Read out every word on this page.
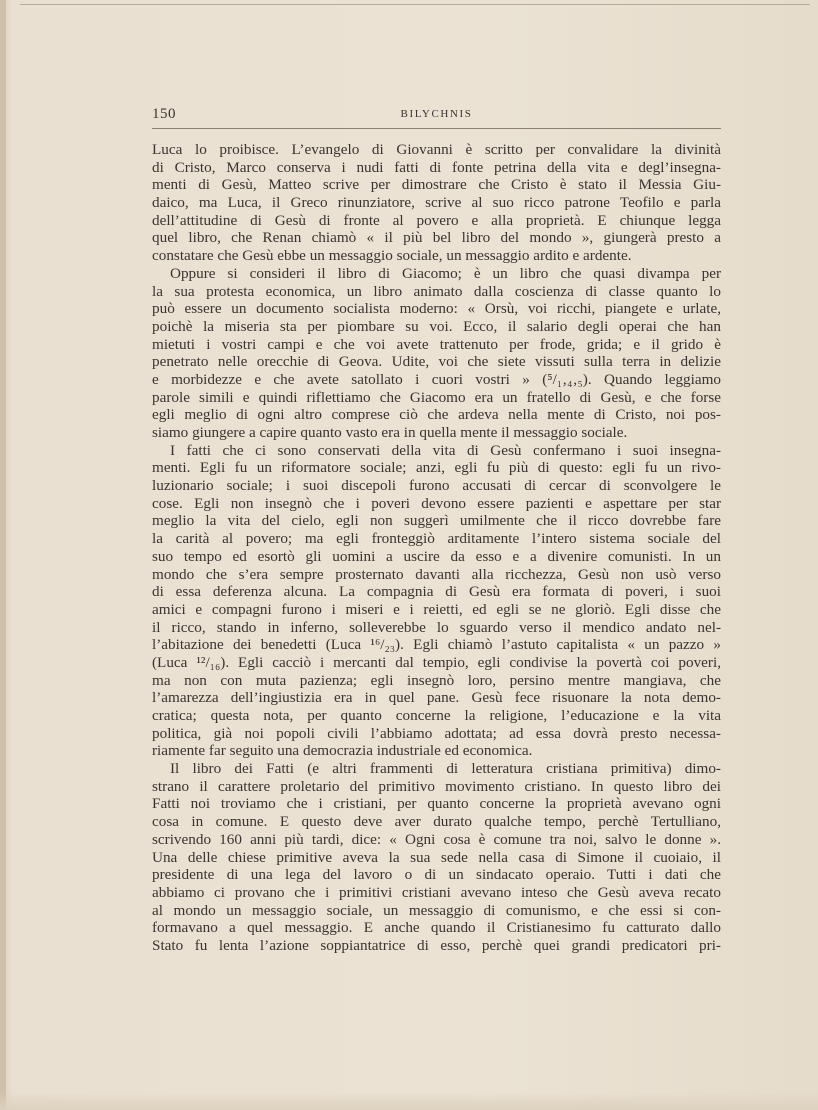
150	BILYCHNIS
Luca lo proibisce. L’evangelo di Giovanni è scritto per convalidare la divinità
di Cristo, Marco conserva i nudi fatti di fonte petrina della vita e degl’insegna-
menti di Gesù, Matteo scrive per dimostrare che Cristo è stato il Messia Giu-
daico, ma Luca, il Greco rinunziatore, scrive al suo ricco patrone Teofilo e parla
dell’attitudine di Gesù di fronte al povero e alla proprietà. E chiunque legga
quel libro, che Renan chiamò « il più bel libro del mondo », giungerà presto a
constatare che Gesù ebbe un messaggio sociale, un messaggio ardito e ardente.
Oppure si consideri il libro di Giacomo; è un libro che quasi divampa per
la sua protesta economica, un libro animato dalla coscienza di classe quanto lo
può essere un documento socialista moderno: « Orsù, voi ricchi, piangete e urlate,
poichè la miseria sta per piombare su voi. Ecco, il salario degli operai che han
mietuti i vostri campi e che voi avete trattenuto per frode, grida; e il grido è
penetrato nelle orecchie di Geova. Udite, voi che siete vissuti sulla terra in delizie
e morbidezze e che avete satollato i cuori vostri » (⁵/₁‚₄‚₅). Quando leggiamo
parole simili e quindi riflettiamo che Giacomo era un fratello di Gesù, e che forse
egli meglio di ogni altro comprese ciò che ardeva nella mente di Cristo, noi pos-
siamo giungere a capire quanto vasto era in quella mente il messaggio sociale.
I fatti che ci sono conservati della vita di Gesù confermano i suoi insegna-
menti. Egli fu un riformatore sociale; anzi, egli fu più di questo: egli fu un rivo-
luzionario sociale; i suoi discepoli furono accusati di cercar di sconvolgere le
cose. Egli non insegnò che i poveri devono essere pazienti e aspettare per star
meglio la vita del cielo, egli non suggerì umilmente che il ricco dovrebbe fare
la carità al povero; ma egli fronteggiò arditamente l’intero sistema sociale del
suo tempo ed esortò gli uomini a uscire da esso e a divenire comunisti. In un
mondo che s’era sempre prosternato davanti alla ricchezza, Gesù non usò verso
di essa deferenza alcuna. La compagnia di Gesù era formata di poveri, i suoi
amici e compagni furono i miseri e i reietti, ed egli se ne gloriò. Egli disse che
il ricco, stando in inferno, solleverebbe lo sguardo verso il mendico andato nel-
l’abitazione dei benedetti (Luca ¹⁶/₂₃). Egli chiamò l’astuto capitalista « un pazzo »
(Luca ¹²/₁₆). Egli cacciò i mercanti dal tempio, egli condivise la povertà coi poveri,
ma non con muta pazienza; egli insegnò loro, persino mentre mangiava, che
l’amarezza dell’ingiustizia era in quel pane. Gesù fece risuonare la nota demo-
cratica; questa nota, per quanto concerne la religione, l’educazione e la vita
politica, già noi popoli civili l’abbiamo adottata; ad essa dovrà presto necessa-
riamente far seguito una democrazia industriale ed economica.
Il libro dei Fatti (e altri frammenti di letteratura cristiana primitiva) dimo-
strano il carattere proletario del primitivo movimento cristiano. In questo libro dei
Fatti noi troviamo che i cristiani, per quanto concerne la proprietà avevano ogni
cosa in comune. E questo deve aver durato qualche tempo, perchè Tertulliano,
scrivendo 160 anni più tardi, dice: « Ogni cosa è comune tra noi, salvo le donne ».
Una delle chiese primitive aveva la sua sede nella casa di Simone il cuoiaio, il
presidente di una lega del lavoro o di un sindacato operaio. Tutti i dati che
abbiamo ci provano che i primitivi cristiani avevano inteso che Gesù aveva recato
al mondo un messaggio sociale, un messaggio di comunismo, e che essi si con-
formavano a quel messaggio. E anche quando il Cristianesimo fu catturato dallo
Stato fu lenta l’azione soppiantatrice di esso, perchè quei grandi predicatori pri-
